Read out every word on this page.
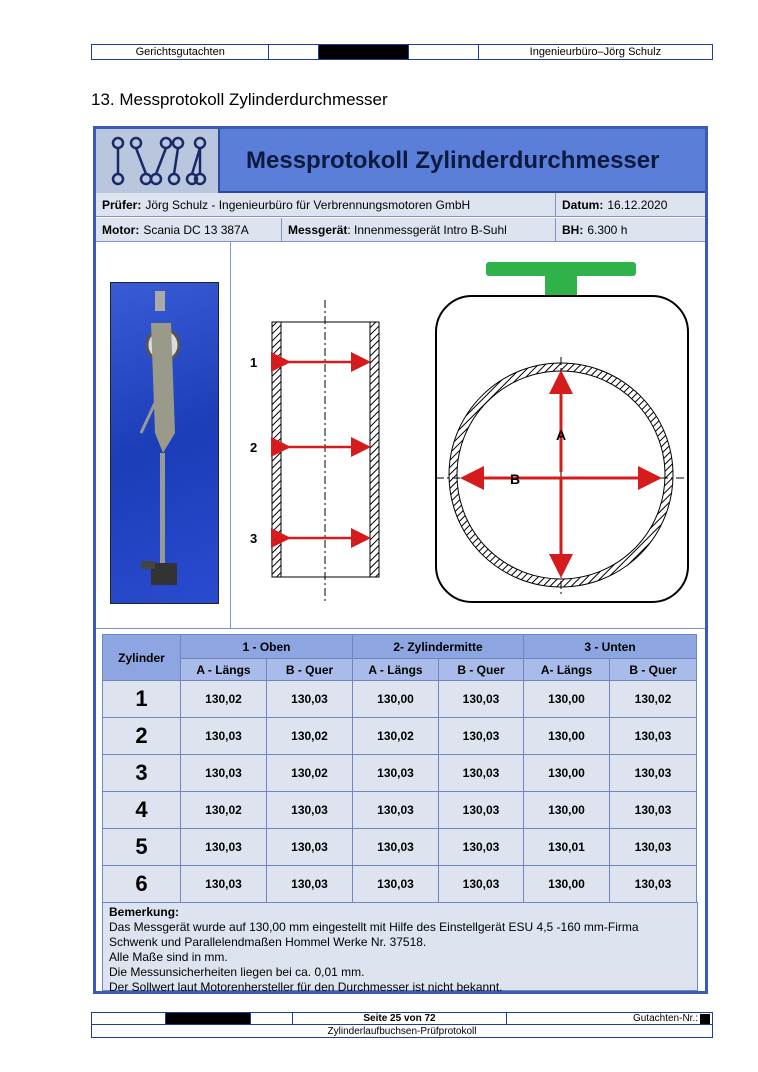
Gerichtsgutachten	Ingenieurbüro–Jörg Schulz
13. Messprotokoll Zylinderdurchmesser
IVM
Messprotokoll Zylinderdurchmesser
Prüfer: Jörg Schulz - Ingenieurbüro für Verbrennungsmotoren GmbH	Datum: 16.12.2020
Motor: Scania DC 13 387A	Messgerät : Innenmessgerät Intro B-Suhl	BH: 6.300 h
1
2
3
A
B
Zylinder	1 - Oben		2- Zylindermitte		3 - Unten	
	A - Längs	B - Quer	A - Längs	B - Quer	A- Längs	B - Quer
1	130,02	130,03	130,00	130,03	130,00	130,02
2	130,03	130,02	130,02	130,03	130,00	130,03
3	130,03	130,02	130,03	130,03	130,00	130,03
4	130,02	130,03	130,03	130,03	130,00	130,03
5	130,03	130,03	130,03	130,03	130,01	130,03
6	130,03	130,03	130,03	130,03	130,00	130,03
Bemerkung:
Das Messgerät wurde auf 130,00 mm eingestellt mit Hilfe des Einstellgerät ESU 4,5 -160 mm-Firma
Schwenk und Parallelendmaßen Hommel Werke Nr. 37518.
Alle Maße sind in mm.
Die Messunsicherheiten liegen bei ca. 0,01 mm.
Der Sollwert laut Motorenhersteller für den Durchmesser ist nicht bekannt.
Seite 25 von 72	Gutachten-Nr.:
Zylinderlaufbuchsen-Prüfprotokoll
